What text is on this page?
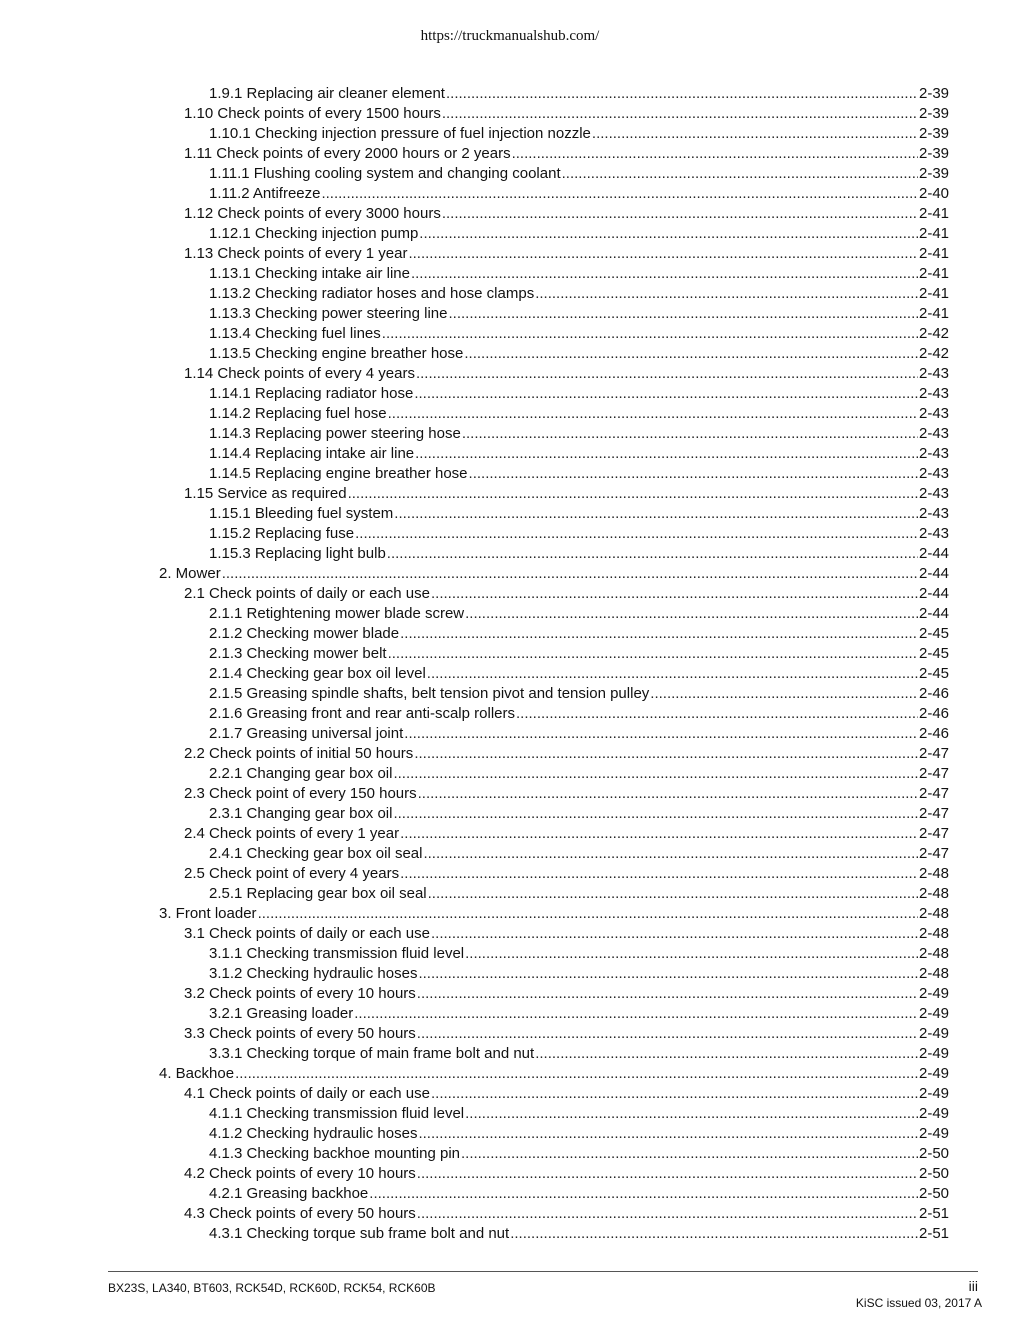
https://truckmanualshub.com/
1.9.1 Replacing air cleaner element .....	2-39
1.10 Check points of every 1500 hours .....	2-39
1.10.1 Checking injection pressure of fuel injection nozzle .....	2-39
1.11 Check points of every 2000 hours or 2 years .....	2-39
1.11.1 Flushing cooling system and changing coolant .....	2-39
1.11.2 Antifreeze .....	2-40
1.12 Check points of every 3000 hours .....	2-41
1.12.1 Checking injection pump .....	2-41
1.13 Check points of every 1 year .....	2-41
1.13.1 Checking intake air line .....	2-41
1.13.2 Checking radiator hoses and hose clamps .....	2-41
1.13.3 Checking power steering line .....	2-41
1.13.4 Checking fuel lines .....	2-42
1.13.5 Checking engine breather hose .....	2-42
1.14 Check points of every 4 years .....	2-43
1.14.1 Replacing radiator hose .....	2-43
1.14.2 Replacing fuel hose .....	2-43
1.14.3 Replacing power steering hose .....	2-43
1.14.4 Replacing intake air line .....	2-43
1.14.5 Replacing engine breather hose .....	2-43
1.15 Service as required .....	2-43
1.15.1 Bleeding fuel system .....	2-43
1.15.2 Replacing fuse .....	2-43
1.15.3 Replacing light bulb .....	2-44
2. Mower .....	2-44
2.1 Check points of daily or each use .....	2-44
2.1.1 Retightening mower blade screw .....	2-44
2.1.2 Checking mower blade .....	2-45
2.1.3 Checking mower belt .....	2-45
2.1.4 Checking gear box oil level .....	2-45
2.1.5 Greasing spindle shafts, belt tension pivot and tension pulley .....	2-46
2.1.6 Greasing front and rear anti-scalp rollers .....	2-46
2.1.7 Greasing universal joint .....	2-46
2.2 Check points of initial 50 hours .....	2-47
2.2.1 Changing gear box oil .....	2-47
2.3 Check point of every 150 hours .....	2-47
2.3.1 Changing gear box oil .....	2-47
2.4 Check points of every 1 year .....	2-47
2.4.1 Checking gear box oil seal .....	2-47
2.5 Check point of every 4 years .....	2-48
2.5.1 Replacing gear box oil seal .....	2-48
3. Front loader .....	2-48
3.1 Check points of daily or each use .....	2-48
3.1.1 Checking transmission fluid level .....	2-48
3.1.2 Checking hydraulic hoses .....	2-48
3.2 Check points of every 10 hours .....	2-49
3.2.1 Greasing loader .....	2-49
3.3 Check points of every 50 hours .....	2-49
3.3.1 Checking torque of main frame bolt and nut .....	2-49
4. Backhoe .....	2-49
4.1 Check points of daily or each use .....	2-49
4.1.1 Checking transmission fluid level .....	2-49
4.1.2 Checking hydraulic hoses .....	2-49
4.1.3 Checking backhoe mounting pin .....	2-50
4.2 Check points of every 10 hours .....	2-50
4.2.1 Greasing backhoe .....	2-50
4.3 Check points of every 50 hours .....	2-51
4.3.1 Checking torque sub frame bolt and nut .....	2-51
BX23S, LA340, BT603, RCK54D, RCK60D, RCK54, RCK60B	iii
KiSC issued 03, 2017 A
